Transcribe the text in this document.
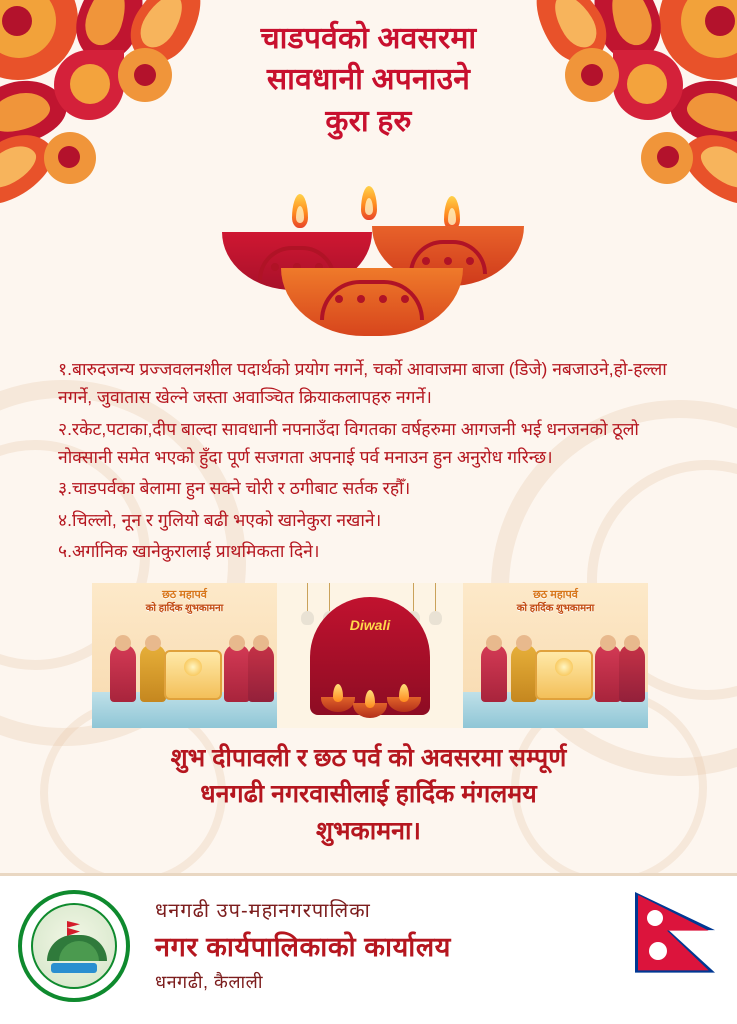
चाडपर्वको अवसरमा
सावधानी अपनाउने
कुरा हरु
१.बारुदजन्य प्रज्जवलनशील पदार्थको प्रयोग नगर्ने, चर्को आवाजमा बाजा (डिजे) नबजाउने,हो-हल्ला नगर्ने, जुवातास खेल्ने जस्ता अवाञ्चित क्रियाकलापहरु नगर्ने।
२.रकेट,पटाका,दीप बाल्दा सावधानी नपनाउँदा विगतका वर्षहरुमा आगजनी भई धनजनको ठूलो नोक्सानी समेत भएको हुँदा पूर्ण सजगता अपनाई पर्व मनाउन हुन अनुरोध गरिन्छ।
३.चाडपर्वका बेलामा हुन सक्ने चोरी र ठगीबाट सर्तक रहौँ।
४.चिल्लो, नून र गुलियो बढी भएको खानेकुरा नखाने।
५.अर्गानिक खानेकुरालाई प्राथमिकता दिने।
छठ महापर्व
को हार्दिक शुभकामना
Diwali
छठ महापर्व
को हार्दिक शुभकामना
शुभ दीपावली र छठ पर्व को अवसरमा सम्पूर्ण
धनगढी नगरवासीलाई हार्दिक मंगलमय
शुभकामना।
धनगढी उप-महानगरपालिका
नगर कार्यपालिकाको कार्यालय
धनगढी, कैलाली
